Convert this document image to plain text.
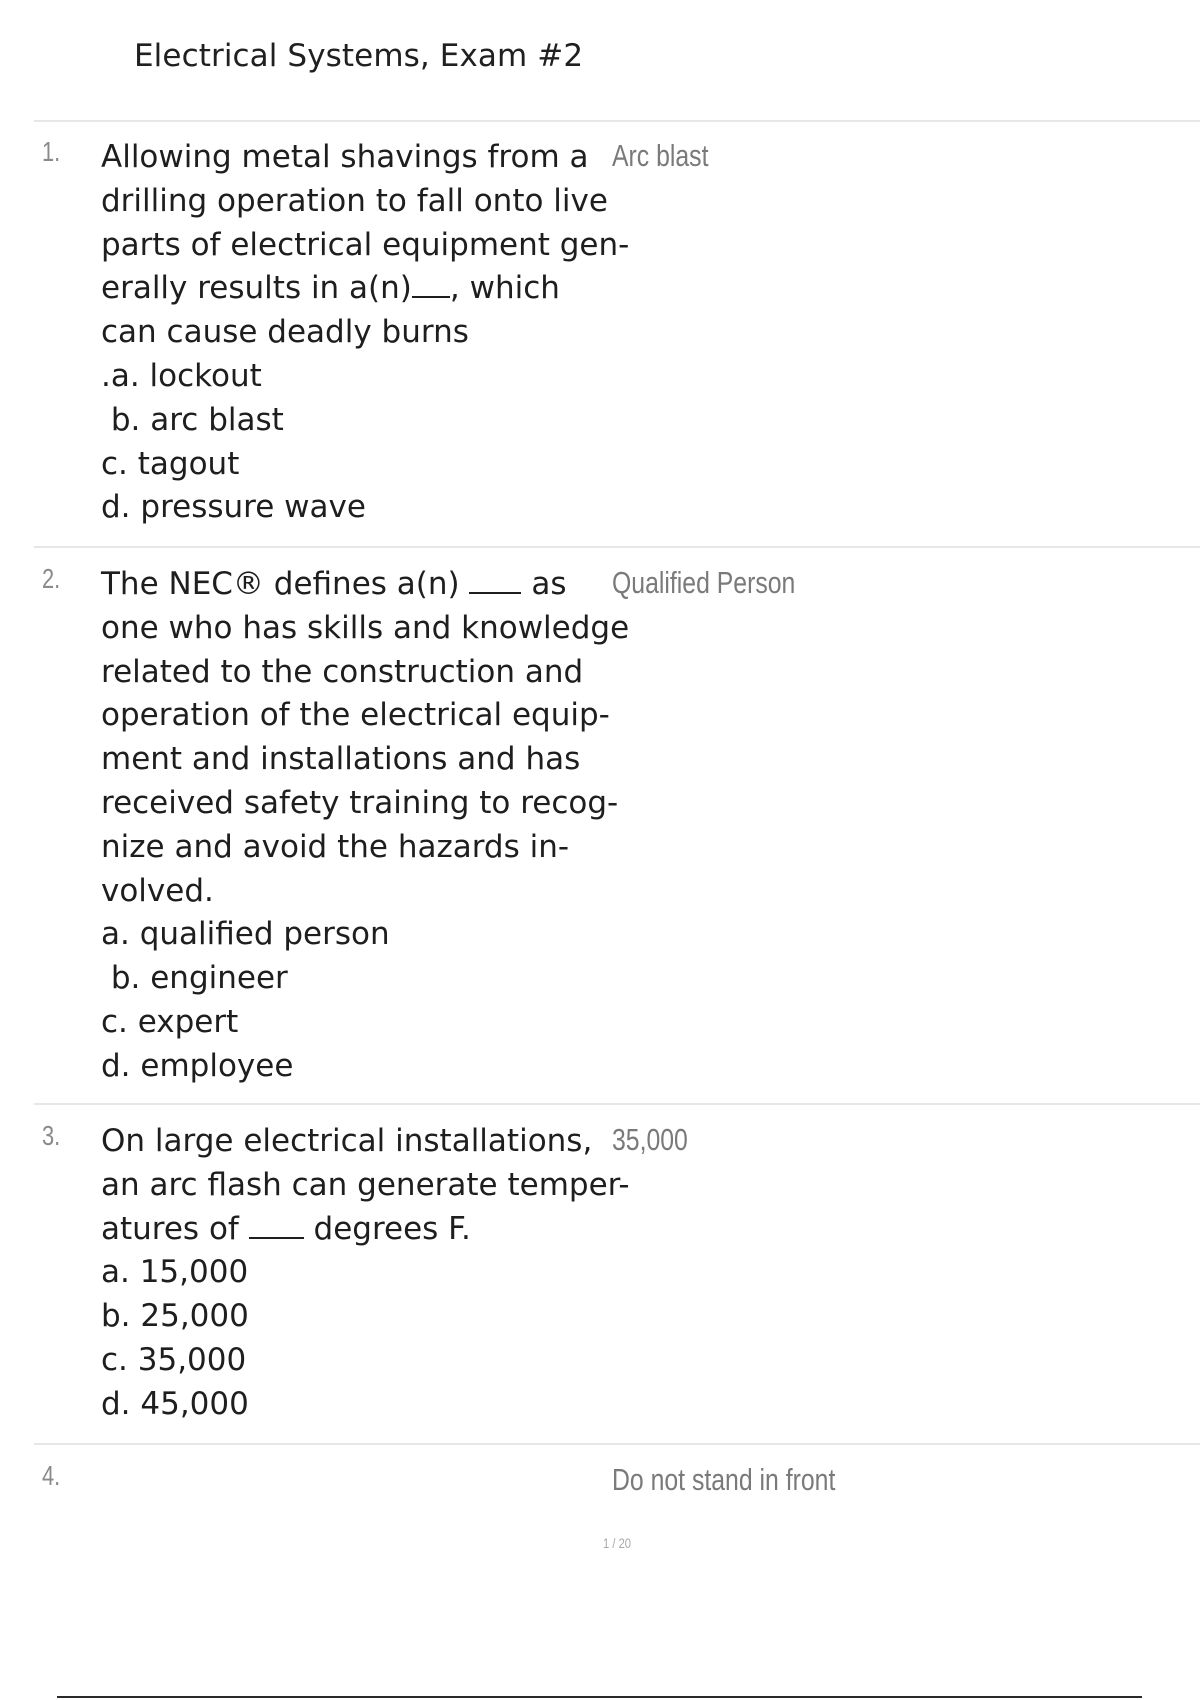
Electrical Systems, Exam #2
1. Allowing metal shavings from a
drilling operation to fall onto live
parts of electrical equipment gen-
erally results in a(n) , which
can cause deadly burns
.a. lockout
b. arc blast
c. tagout
d. pressure wave
Arc blast
2. The NEC® defines a(n)  as
one who has skills and knowledge
related to the construction and
operation of the electrical equip-
ment and installations and has
received safety training to recog-
nize and avoid the hazards in-
volved.
a. qualified person
b. engineer
c. expert
d. employee
Qualified Person
3. On large electrical installations,
an arc flash can generate temper-
atures of  degrees F.
a. 15,000
b. 25,000
c. 35,000
d. 45,000
35,000
4.	Do not stand in front
1 / 20
